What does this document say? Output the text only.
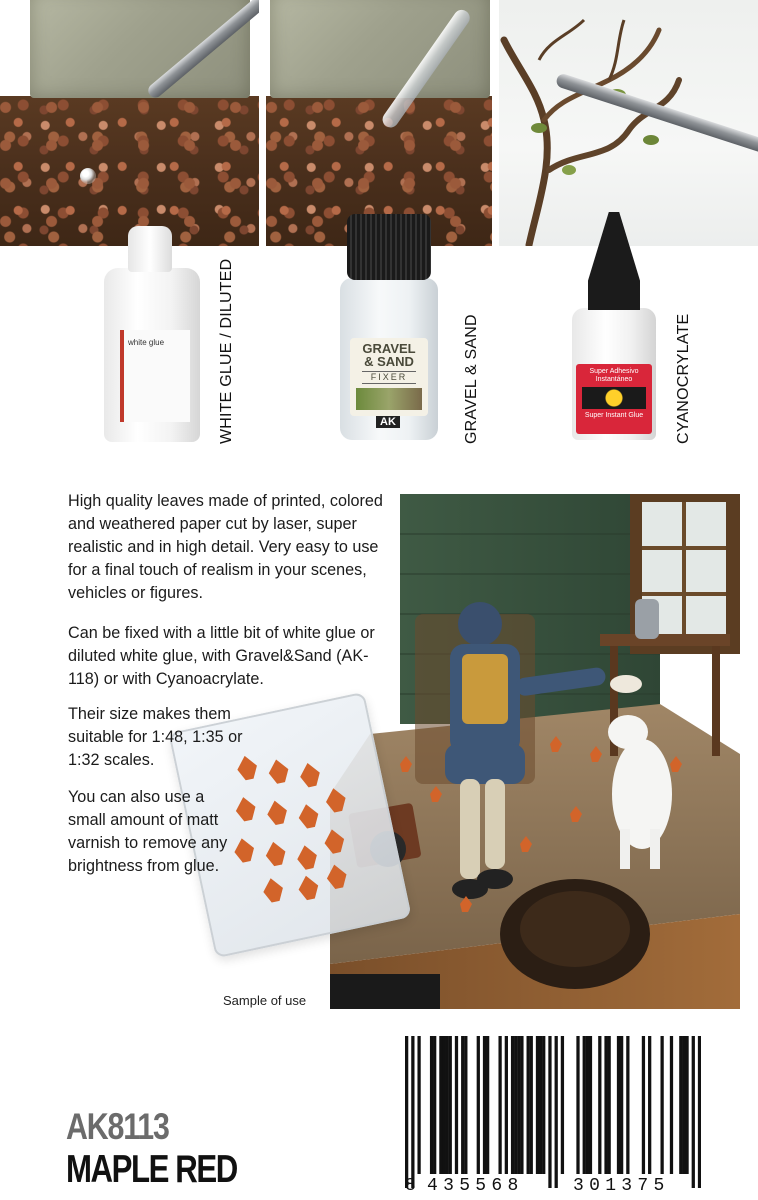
white glue	WHITE GLUE / DILUTED	GRAVEL
& SAND
FIXER
AK	GRAVEL & SAND	Super Adhesivo
Instantáneo
Super Instant Glue	CYANOCRYLATE

High quality leaves made of printed, colored and weathered paper cut by laser, super realistic and in high detail. Very easy to use for a final touch of realism in your scenes, vehicles or figures.

Can be fixed with a little bit of white glue or diluted white glue, with Gravel&Sand (AK-118) or with Cyanoacrylate.

Their size makes them suitable for 1:48, 1:35 or 1:32 scales.

You can also use a small amount of matt varnish to remove any brightness from glue.

Sample of use
AK8113
MAPLE RED	8 435568	301375
